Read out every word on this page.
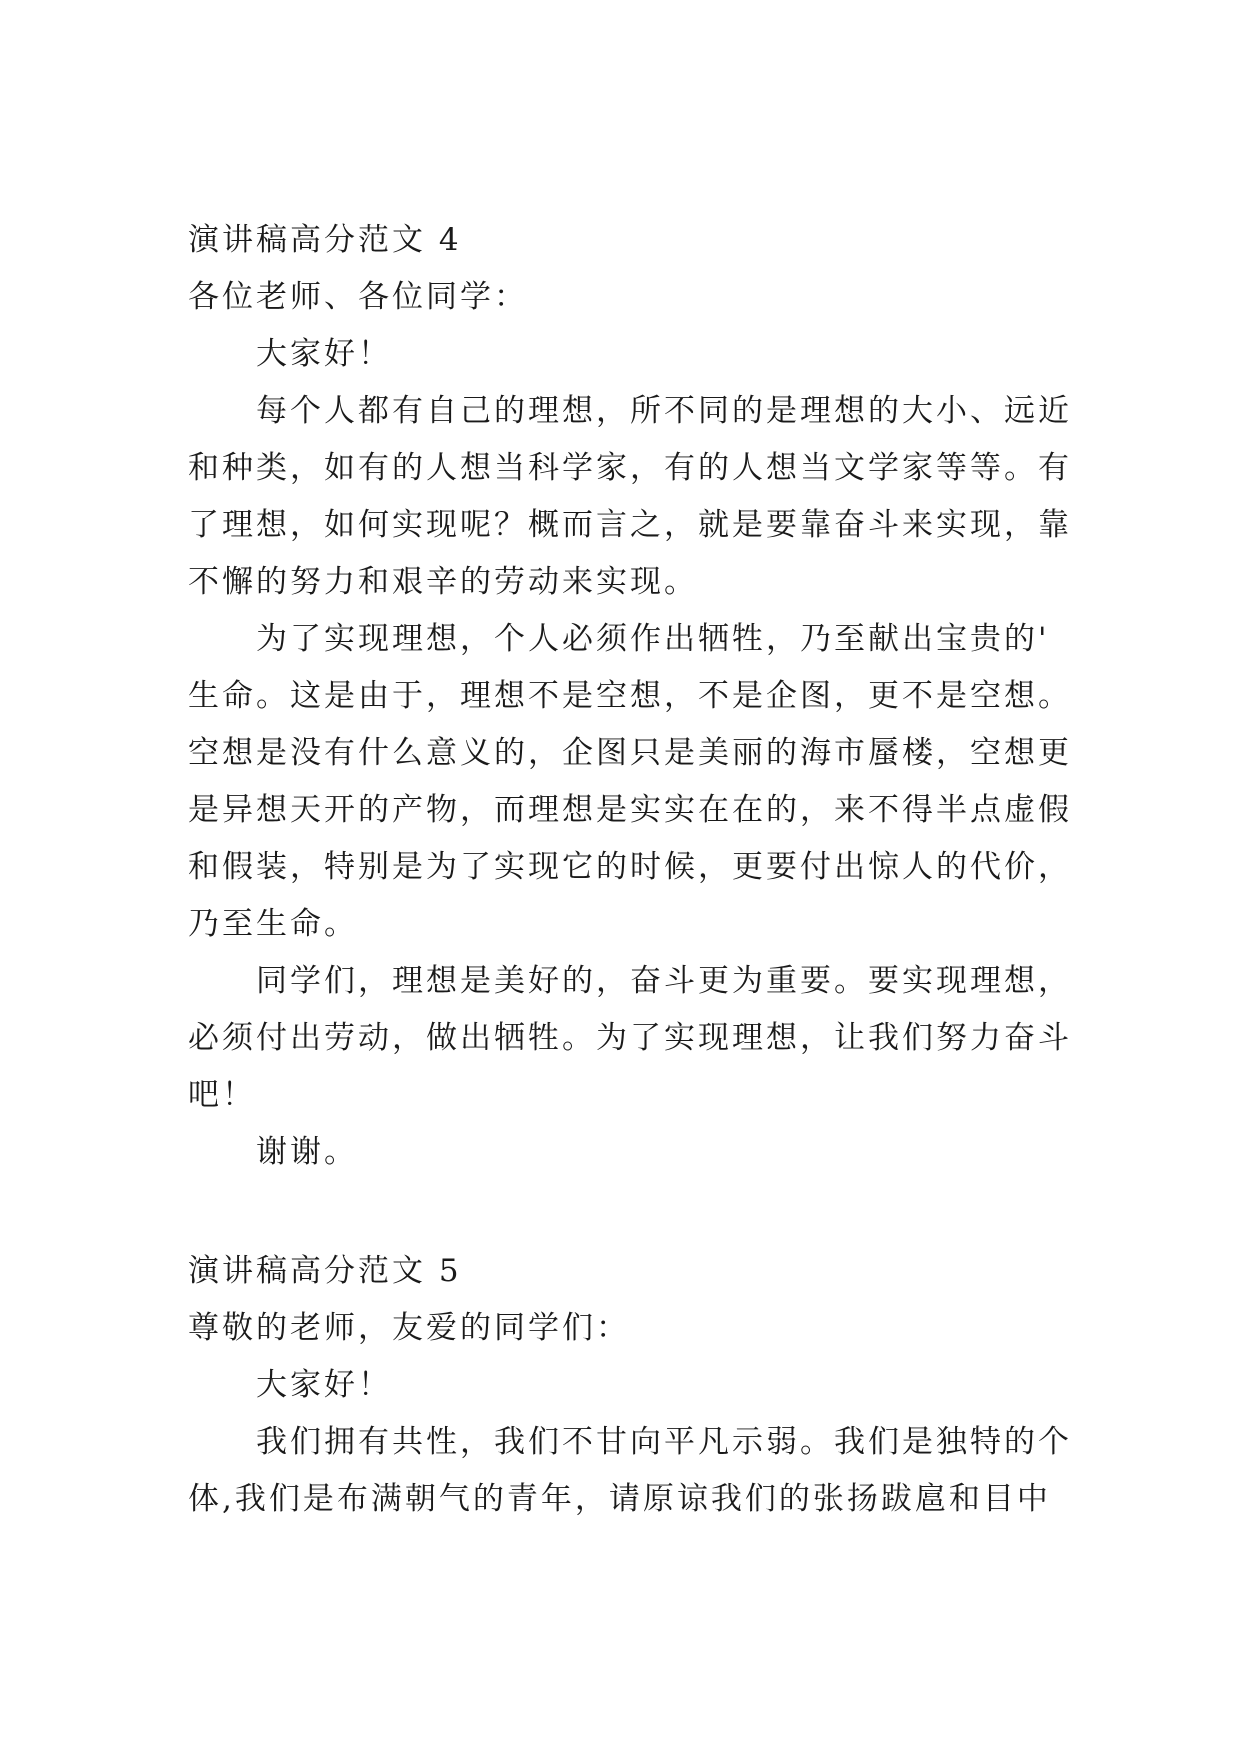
演讲稿高分范文 4
各位老师、各位同学：
大家好！
每个人都有自己的理想，所不同的是理想的大小、远近
和种类，如有的人想当科学家，有的人想当文学家等等。有
了理想，如何实现呢？概而言之，就是要靠奋斗来实现，靠
不懈的努力和艰辛的劳动来实现。
为了实现理想，个人必须作出牺牲，乃至献出宝贵的'
生命。这是由于，理想不是空想，不是企图，更不是空想。
空想是没有什么意义的，企图只是美丽的海市蜃楼，空想更
是异想天开的产物，而理想是实实在在的，来不得半点虚假
和假装，特别是为了实现它的时候，更要付出惊人的代价，
乃至生命。
同学们，理想是美好的，奋斗更为重要。要实现理想，
必须付出劳动，做出牺牲。为了实现理想，让我们努力奋斗
吧！
谢谢。
演讲稿高分范文 5
尊敬的老师，友爱的同学们：
大家好！
我们拥有共性，我们不甘向平凡示弱。我们是独特的个
体,我们是布满朝气的青年，请原谅我们的张扬跋扈和目中
